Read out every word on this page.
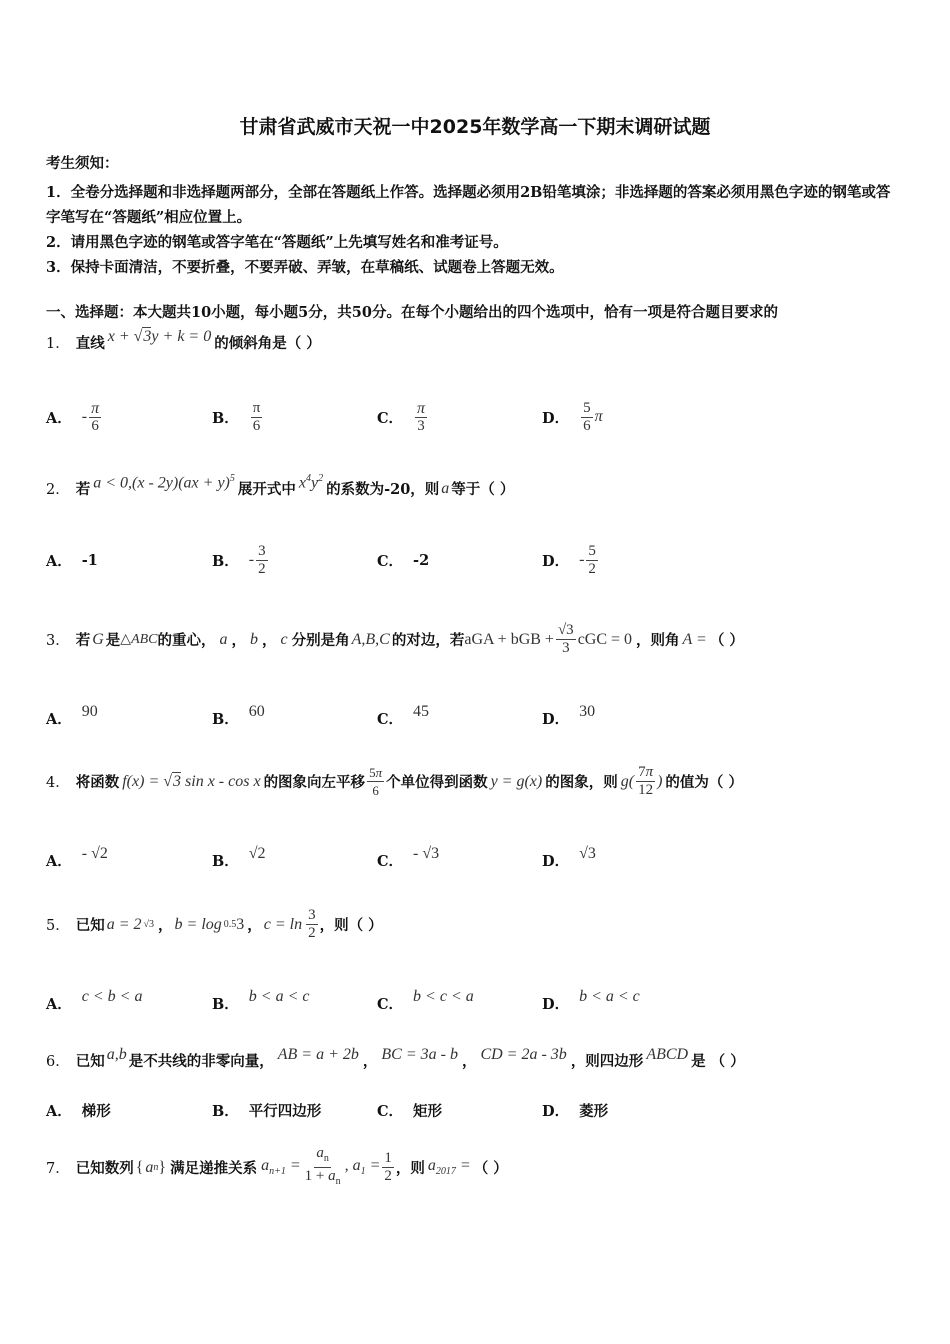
甘肃省武威市天祝一中2025年数学高一下期末调研试题
考生须知：
1．全卷分选择题和非选择题两部分，全部在答题纸上作答。选择题必须用2B铅笔填涂；非选择题的答案必须用黑色字迹的钢笔或答字笔写在“答题纸”相应位置上。
2．请用黑色字迹的钢笔或答字笔在“答题纸”上先填写姓名和准考证号。
3．保持卡面清洁，不要折叠，不要弄破、弄皱，在草稿纸、试题卷上答题无效。
一、选择题：本大题共10小题，每小题5分，共50分。在每个小题给出的四个选项中，恰有一项是符合题目要求的
1． 直线 x + √3y + k = 0 的倾斜角是（ ）
A． - $\frac{\pi}{6}$	B． $\frac{\pi}{6}$	C． $\frac{\pi}{3}$	D． $\frac{5}{6}$ π
2． 若 a < 0,(x - 2y)(ax + y)$^5$
展开式中 $x^4y^2$
的系数为-20，则 a 等于（ ）
A． -1	B． - $\frac{3}{2}$	C． -2	D． - $\frac{5}{2}$
3． 若 G 是 △ABC 的重心， a ， b ， c 分别是角 A,B,C 的对边，若 aGA + bGB + $\frac{√3}{3}$ cGC = 0 ，则角 A = （ ）
A． 90	B． 60	C． 45	D． 30
4． 将函数 f(x) = √3 sin x - cos x 的图象向左平移 $\frac{5\pi}{6}$ 个单位得到函数 y = g(x) 的图象，则 $g( \frac{7\pi}{12}$ ) 的值为（ ）
A． - √2	B． √2	C． - √3	D． √3
5． 已知 a = 2 √3 ， b = log 0.5 3 ， $c = \ln \frac{3}{2}$ ，则（ ）
A． c < b < a	B． b < a < c	C． b < c < a	D． b < a < c
6． 已知 a,b 是不共线的非零向量， AB = a + 2b ， BC = 3a - b ， CD = 2a - 3b ，则四边形 ABCD 是 （ ）
A． 梯形	B． 平行四边形	C． 矩形	D． 菱形
7． 已知数列 { a n } 满足递推关系 $a_{n+1} = \frac{a_n}{1 + a_n}$ , $a_1 = \frac{1}{2}$ ，则 $a_{2017}$ = （ ）
